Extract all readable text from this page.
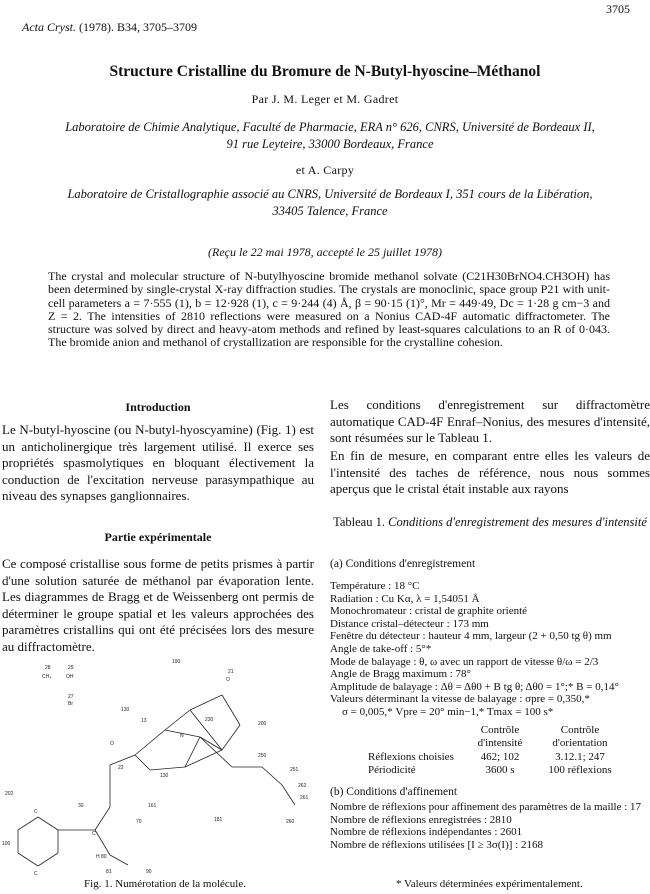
3705
Acta Cryst. (1978). B34, 3705–3709
Structure Cristalline du Bromure de N-Butyl-hyoscine–Méthanol
Par J. M. Leger et M. Gadret
Laboratoire de Chimie Analytique, Faculté de Pharmacie, ERA n° 626, CNRS, Université de Bordeaux II,
91 rue Leyteire, 33000 Bordeaux, France
et A. Carpy
Laboratoire de Cristallographie associé au CNRS, Université de Bordeaux I, 351 cours de la Libération,
33405 Talence, France
(Reçu le 22 mai 1978, accepté le 25 juillet 1978)
The crystal and molecular structure of N-butylhyoscine bromide methanol solvate (C21H30BrNO4.CH3OH) has been determined by single-crystal X-ray diffraction studies. The crystals are monoclinic, space group P21 with unit-cell parameters a = 7·555 (1), b = 12·928 (1), c = 9·244 (4) Å, β = 90·15 (1)°, Mr = 449·49, Dc = 1·28 g cm−3 and Z = 2. The intensities of 2810 reflections were measured on a Nonius CAD-4F automatic diffractometer. The structure was solved by direct and heavy-atom methods and refined by least-squares calculations to an R of 0·043. The bromide anion and methanol of crystallization are responsible for the crystalline cohesion.
Introduction
Le N-butyl-hyoscine (ou N-butyl-hyoscyamine) (Fig. 1) est un anticholinergique très largement utilisé. Il exerce ses propriétés spasmolytiques en bloquant électivement la conduction de l'excitation nerveuse parasympathique au niveau des synapses ganglionnaires.
Partie expérimentale
Ce composé cristallise sous forme de petits prismes à partir d'une solution saturée de méthanol par évaporation lente. Les diagrammes de Bragg et de Weissenberg ont permis de déterminer le groupe spatial et les valeurs approchées des paramètres cristallins qui ont été précisées lors des mesure au diffractomètre.
28	29
CH₃	OH
27
Br
190
21
O
130
13	230
200
N
22
130
250
251
262
261
260
O
161
181
202
30
100
70
H 80
81	90
C
C
C
Fig. 1. Numérotation de la molécule.
Les conditions d'enregistrement sur diffractomètre automatique CAD-4F Enraf–Nonius, des mesures d'intensité, sont résumées sur le Tableau 1.
En fin de mesure, en comparant entre elles les valeurs de l'intensité des taches de référence, nous nous sommes aperçus que le cristal était instable aux rayons
Tableau 1. Conditions d'enregistrement des mesures d'intensité
(a) Conditions d'enregistrement
Température : 18 °C
Radiation : Cu Kα, λ = 1,54051 Å
Monochromateur : cristal de graphite orienté
Distance cristal–détecteur : 173 mm
Fenêtre du détecteur : hauteur 4 mm, largeur (2 + 0,50 tg θ) mm
Angle de take-off : 5°*
Mode de balayage : θ, ω avec un rapport de vitesse θ/ω = 2/3
Angle de Bragg maximum : 78°
Amplitude de balayage : Δθ = Δθ0 + B tg θ; Δθ0 = 1°;* B = 0,14°
Valeurs déterminant la vitesse de balayage : σpre = 0,350,*
σ = 0,005,* Vpre = 20° min−1,* Tmax = 100 s*
Contrôle d'intensité
Contrôle d'orientation
Réflexions choisies	462; 102	3.12.1; 247
Périodicité	3600 s	100 réflexions
(b) Conditions d'affinement
Nombre de réflexions pour affinement des paramètres de la maille : 17
Nombre de réflexions enregistrées : 2810
Nombre de réflexions indépendantes : 2601
Nombre de réflexions utilisées [I ≥ 3σ(I)] : 2168
* Valeurs déterminées expérimentalement.
